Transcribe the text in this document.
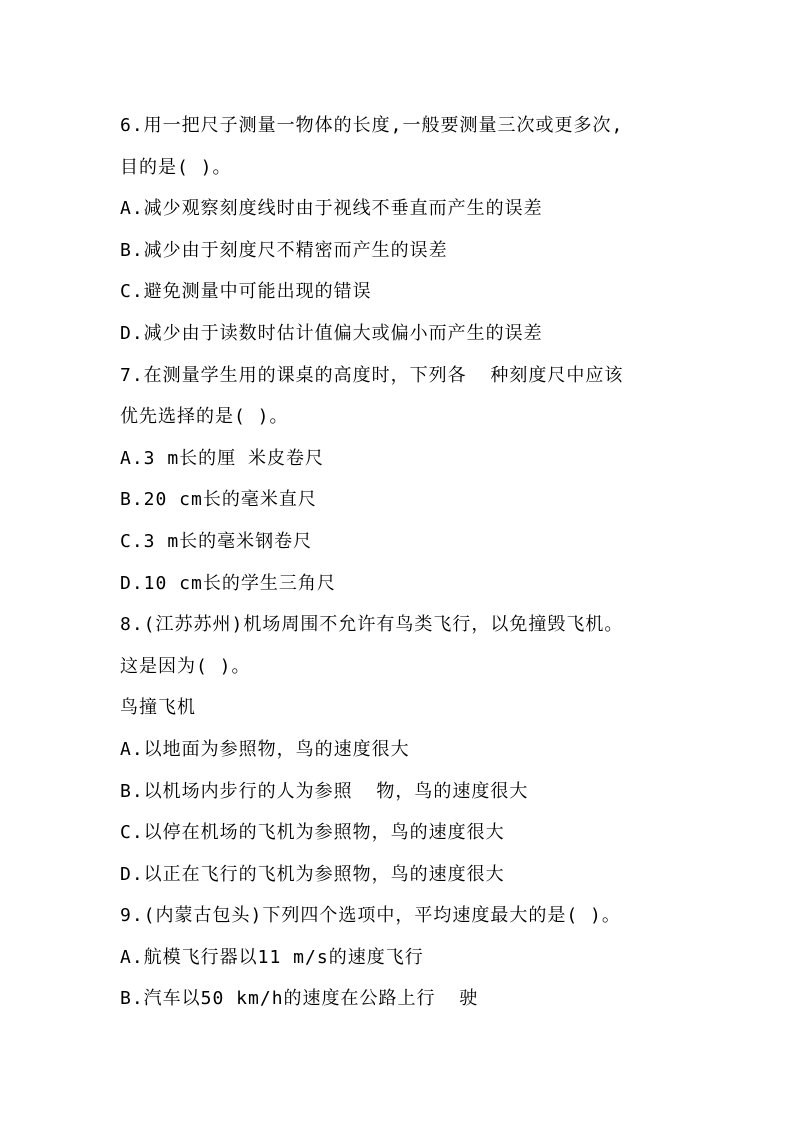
6.用一把尺子测量一物体的长度,一般要测量三次或更多次,
目的是( )。
A.减少观察刻度线时由于视线不垂直而产生的误差
B.减少由于刻度尺不精密而产生的误差
C.避免测量中可能出现的错误
D.减少由于读数时估计值偏大或偏小而产生的误差
7.在测量学生用的课桌的高度时，下列各  种刻度尺中应该
优先选择的是( )。
A.3 m长的厘 米皮卷尺
B.20 cm长的毫米直尺
C.3 m长的毫米钢卷尺
D.10 cm长的学生三角尺
8.(江苏苏州)机场周围不允许有鸟类飞行，以免撞毁飞机。
这是因为( )。
鸟撞飞机
A.以地面为参照物，鸟的速度很大
B.以机场内步行的人为参照  物，鸟的速度很大
C.以停在机场的飞机为参照物，鸟的速度很大
D.以正在飞行的飞机为参照物，鸟的速度很大
9.(内蒙古包头)下列四个选项中，平均速度最大的是( )。
A.航模飞行器以11 m/s的速度飞行
B.汽车以50 km/h的速度在公路上行  驶
